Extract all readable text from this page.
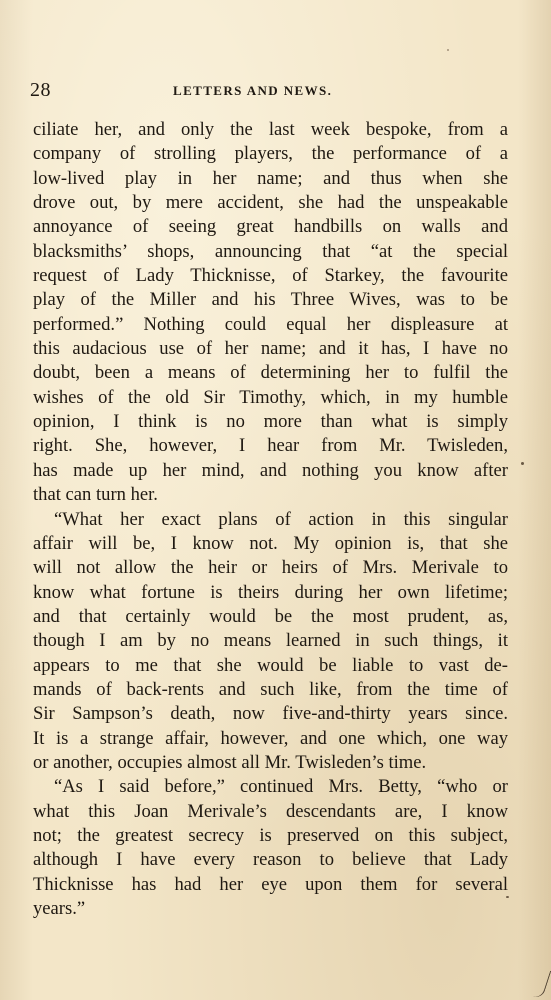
28	LETTERS AND NEWS.
ciliate her, and only the last week bespoke, from a
company of strolling players, the performance of a
low-lived play in her name; and thus when she
drove out, by mere accident, she had the unspeakable
annoyance of seeing great handbills on walls and
blacksmiths’ shops, announcing that “at the special
request of Lady Thicknisse, of Starkey, the favourite
play of the Miller and his Three Wives, was to be
performed.” Nothing could equal her displeasure at
this audacious use of her name; and it has, I have no
doubt, been a means of determining her to fulfil the
wishes of the old Sir Timothy, which, in my humble
opinion, I think is no more than what is simply
right. She, however, I hear from Mr. Twisleden,
has made up her mind, and nothing you know after
that can turn her.
“What her exact plans of action in this singular
affair will be, I know not. My opinion is, that she
will not allow the heir or heirs of Mrs. Merivale to
know what fortune is theirs during her own lifetime;
and that certainly would be the most prudent, as,
though I am by no means learned in such things, it
appears to me that she would be liable to vast de-
mands of back-rents and such like, from the time of
Sir Sampson’s death, now five-and-thirty years since.
It is a strange affair, however, and one which, one way
or another, occupies almost all Mr. Twisleden’s time.
“As I said before,” continued Mrs. Betty, “who or
what this Joan Merivale’s descendants are, I know
not; the greatest secrecy is preserved on this subject,
although I have every reason to believe that Lady
Thicknisse has had her eye upon them for several
years.”
